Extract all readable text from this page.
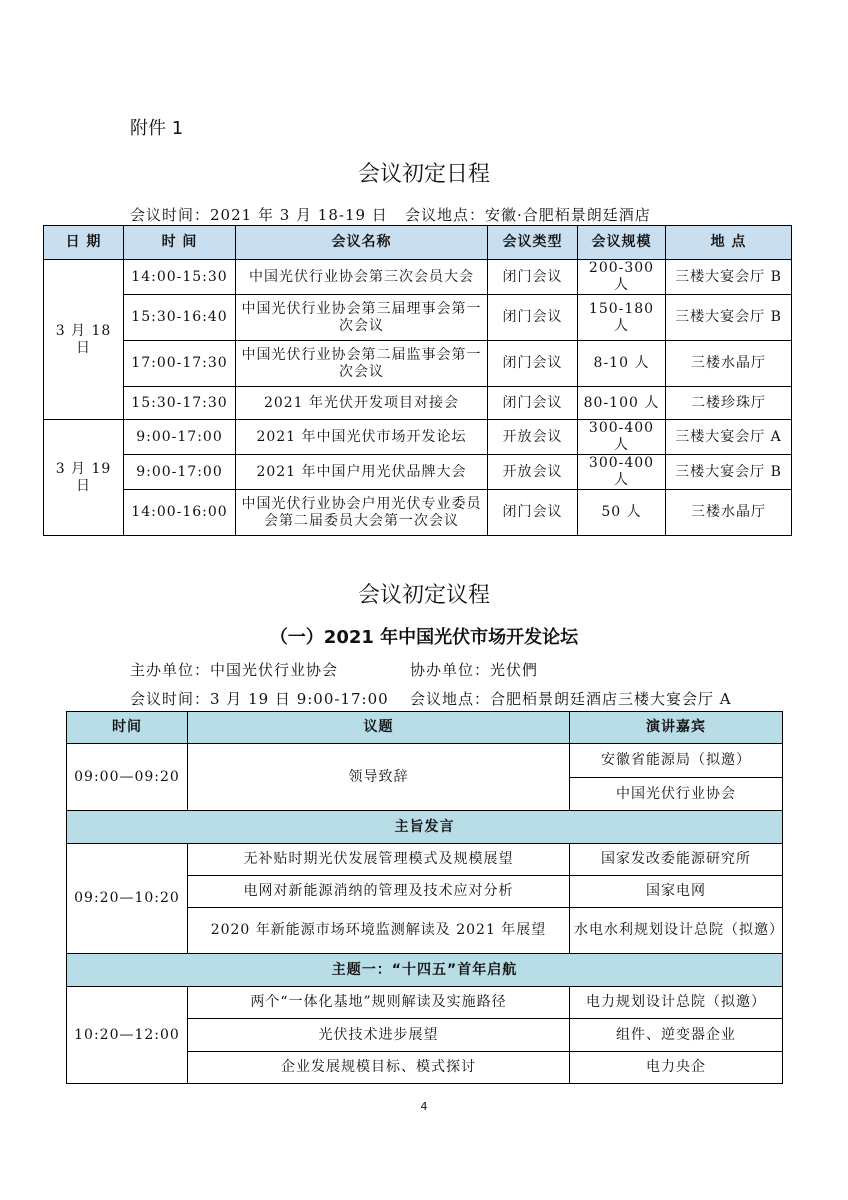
附件 1
会议初定日程
会议时间：2021 年 3 月 18-19 日 会议地点：安徽·合肥栢景朗廷酒店
日 期	时 间	会议名称	会议类型	会议规模	地 点
3 月 18 日	14:00-15:30	中国光伏行业协会第三次会员大会	闭门会议	200-300 人	三楼大宴会厅 B
	15:30-16:40	中国光伏行业协会第三届理事会第一次会议	闭门会议	150-180 人	三楼大宴会厅 B
	17:00-17:30	中国光伏行业协会第二届监事会第一次会议	闭门会议	8-10 人	三楼水晶厅
	15:30-17:30	2021 年光伏开发项目对接会	闭门会议	80-100 人	二楼珍珠厅
3 月 19 日	9:00-17:00	2021 年中国光伏市场开发论坛	开放会议	300-400 人	三楼大宴会厅 A
	9:00-17:00	2021 年中国户用光伏品牌大会	开放会议	300-400 人	三楼大宴会厅 B
	14:00-16:00	中国光伏行业协会户用光伏专业委员会第二届委员大会第一次会议	闭门会议	50 人	三楼水晶厅
会议初定议程
（一）2021 年中国光伏市场开发论坛
主办单位：中国光伏行业协会	协办单位：光伏們
会议时间：3 月 19 日 9:00-17:00 会议地点：合肥栢景朗廷酒店三楼大宴会厅 A
时间	议题	演讲嘉宾
09:00—09:20	领导致辞	安徽省能源局（拟邀）
		中国光伏行业协会
主旨发言		
09:20—10:20	无补贴时期光伏发展管理模式及规模展望	国家发改委能源研究所
	电网对新能源消纳的管理及技术应对分析	国家电网
	2020 年新能源市场环境监测解读及 2021 年展望	水电水利规划设计总院（拟邀）
主题一：“十四五”首年启航		
10:20—12:00	两个“一体化基地”规则解读及实施路径	电力规划设计总院（拟邀）
	光伏技术进步展望	组件、逆变器企业
	企业发展规模目标、模式探讨	电力央企
4
